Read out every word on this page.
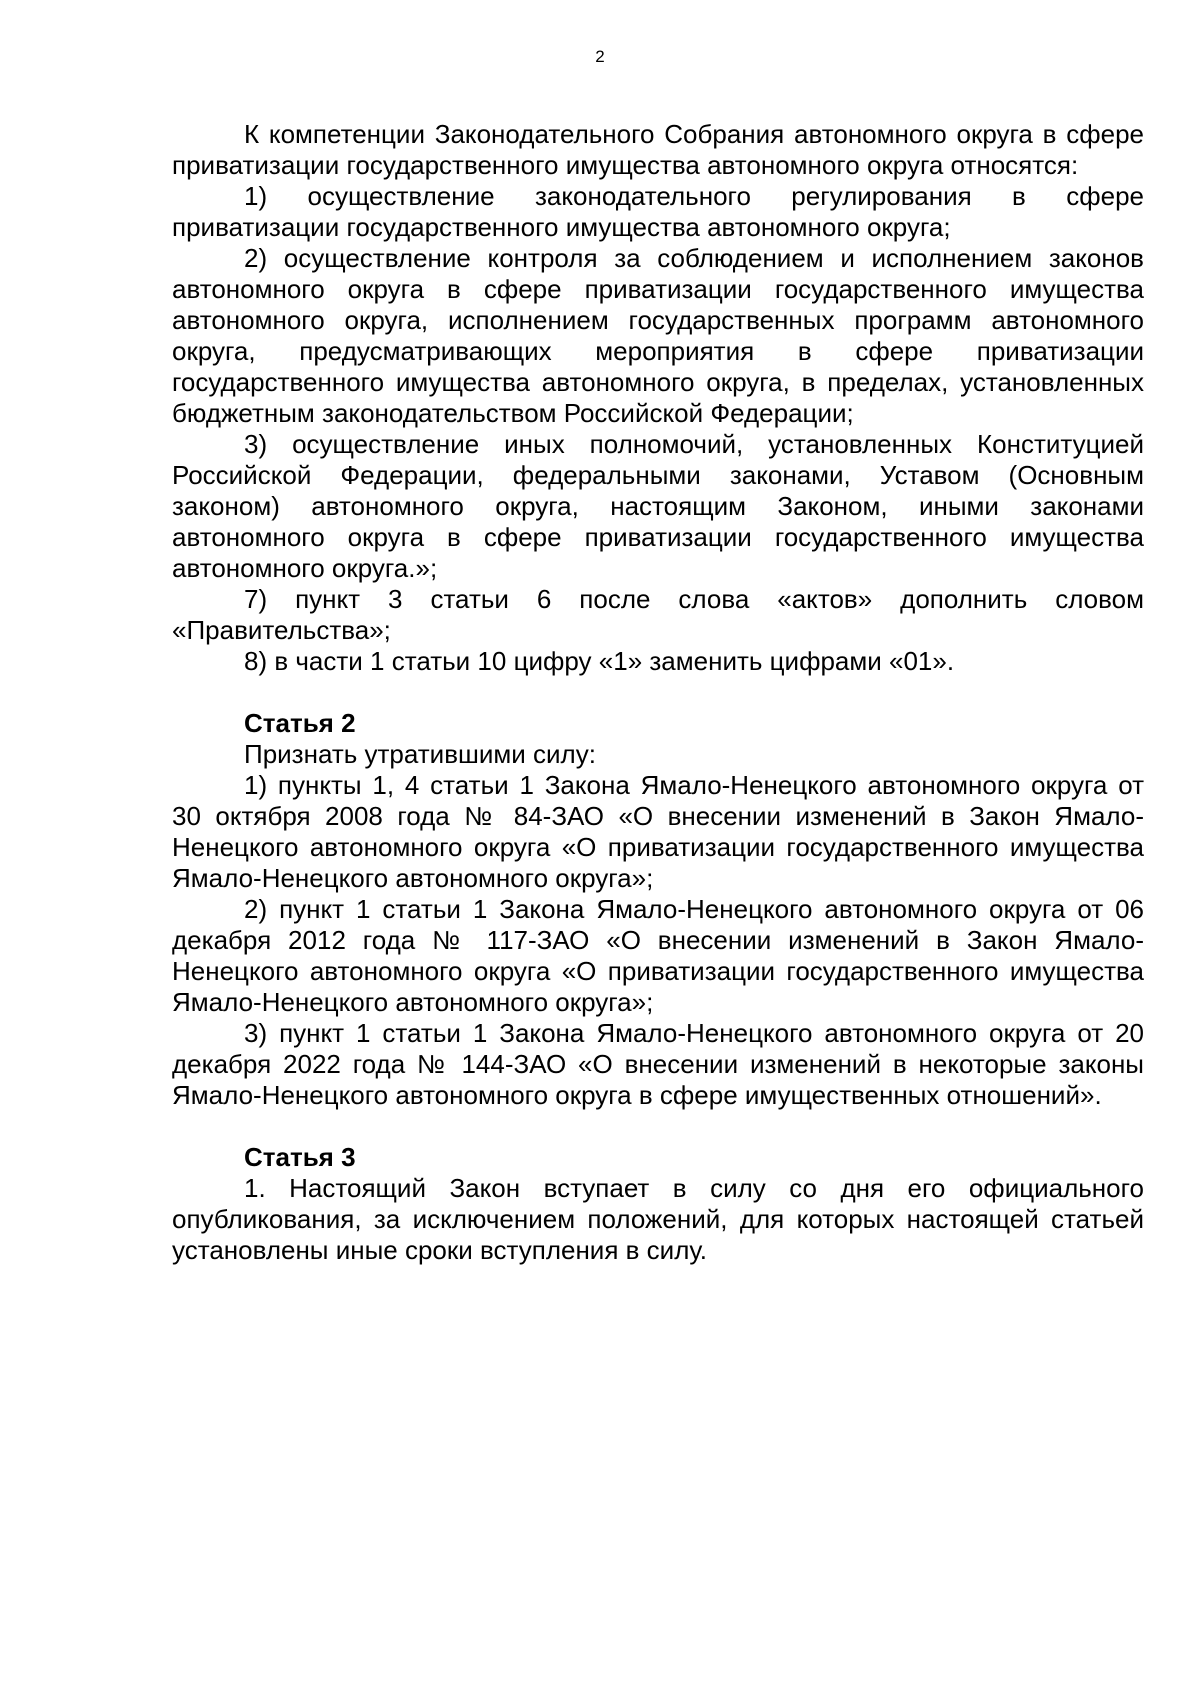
2

К компетенции Законодательного Собрания автономного округа в сфере приватизации государственного имущества автономного округа относятся:

1) осуществление законодательного регулирования в сфере приватизации государственного имущества автономного округа;

2) осуществление контроля за соблюдением и исполнением законов автономного округа в сфере приватизации государственного имущества автономного округа, исполнением государственных программ автономного округа, предусматривающих мероприятия в сфере приватизации государственного имущества автономного округа, в пределах, установленных бюджетным законодательством Российской Федерации;

3) осуществление иных полномочий, установленных Конституцией Российской Федерации, федеральными законами, Уставом (Основным законом) автономного округа, настоящим Законом, иными законами автономного округа в сфере приватизации государственного имущества автономного округа.»;

7) пункт 3 статьи 6 после слова «актов» дополнить словом «Правительства»;

8) в части 1 статьи 10 цифру «1» заменить цифрами «01».

Статья 2

Признать утратившими силу:

1) пункты 1, 4 статьи 1 Закона Ямало-Ненецкого автономного округа от 30 октября 2008 года № 84-ЗАО «О внесении изменений в Закон Ямало-Ненецкого автономного округа «О приватизации государственного имущества Ямало-Ненецкого автономного округа»;

2) пункт 1 статьи 1 Закона Ямало-Ненецкого автономного округа от 06 декабря 2012 года № 117-ЗАО «О внесении изменений в Закон Ямало-Ненецкого автономного округа «О приватизации государственного имущества Ямало-Ненецкого автономного округа»;

3) пункт 1 статьи 1 Закона Ямало-Ненецкого автономного округа от 20 декабря 2022 года № 144-ЗАО «О внесении изменений в некоторые законы Ямало-Ненецкого автономного округа в сфере имущественных отношений».

Статья 3

1. Настоящий Закон вступает в силу со дня его официального опубликования, за исключением положений, для которых настоящей статьей установлены иные сроки вступления в силу.
